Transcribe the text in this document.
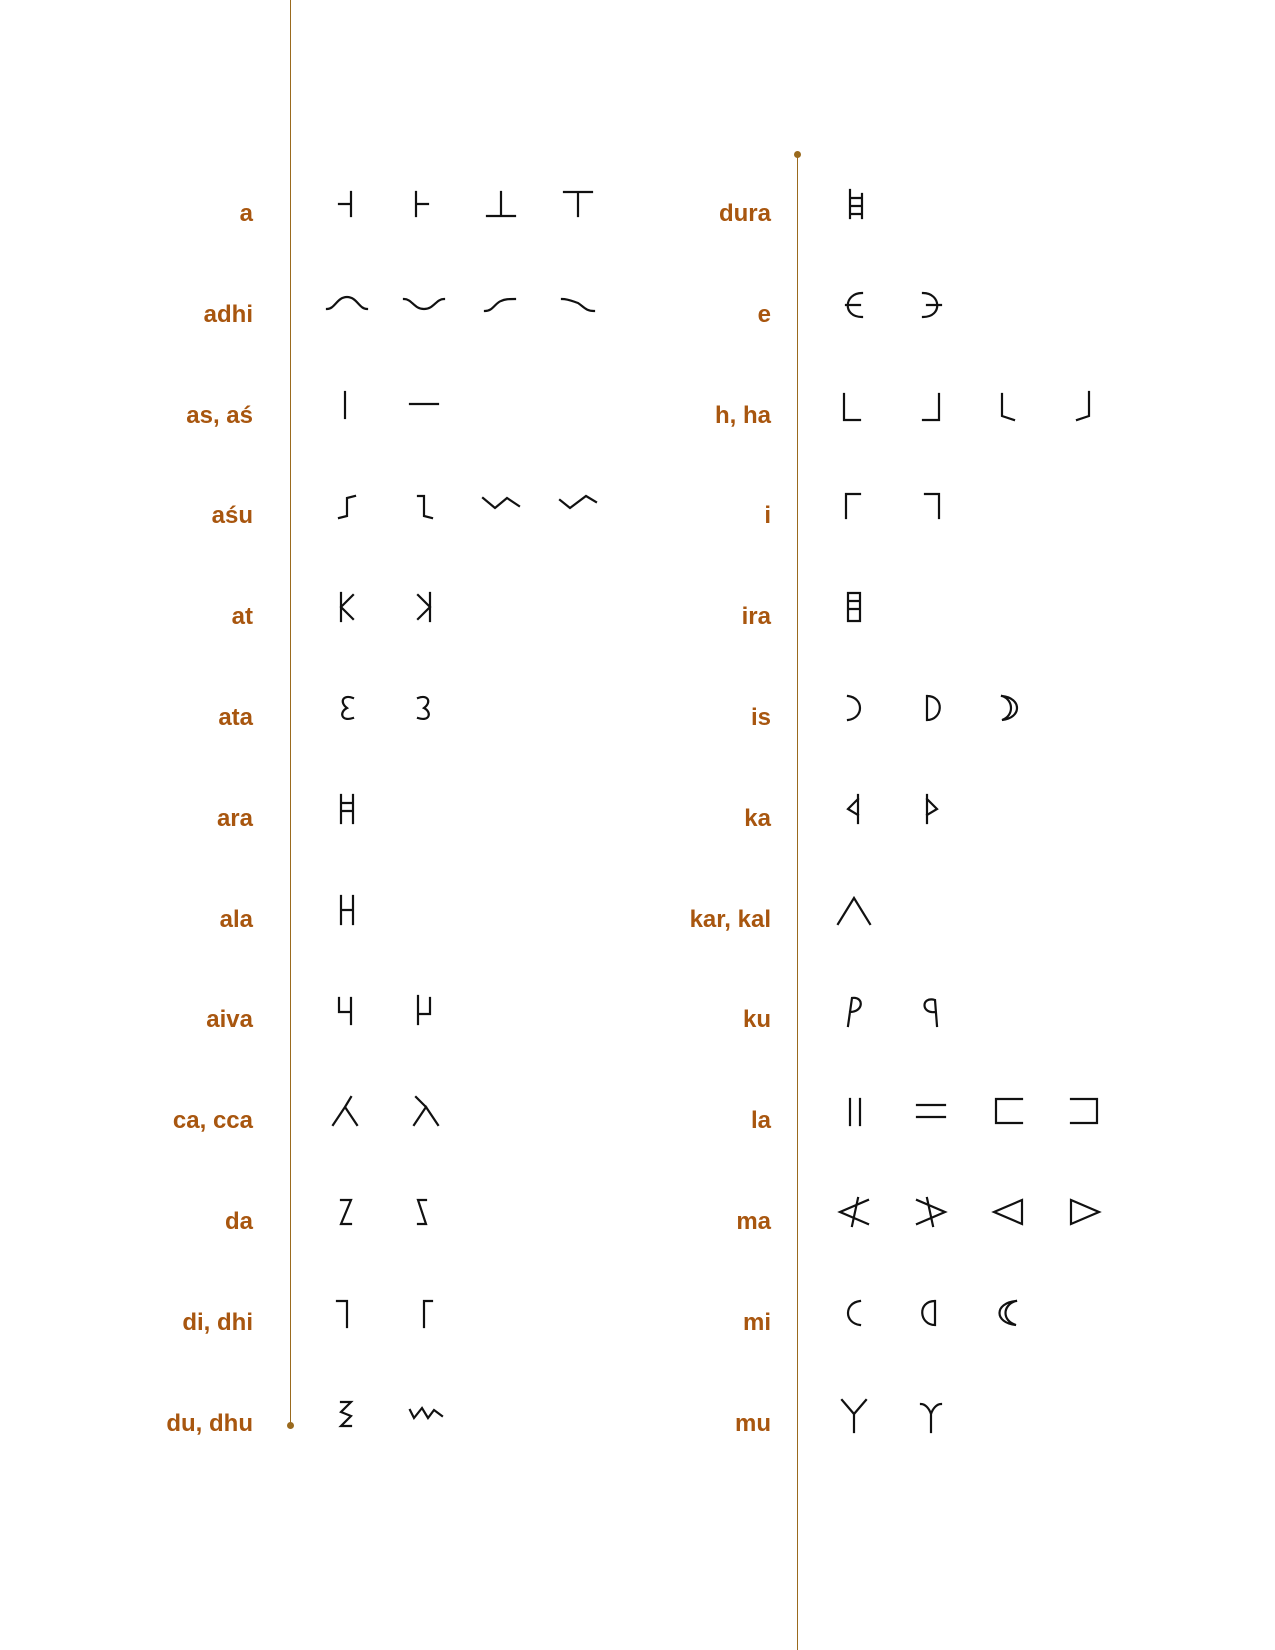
a
adhi
as, aś
aśu
at
ata
ara
ala
aiva
ca, cca
da
di, dhi
du, dhu
dura
e
h, ha
i
ira
is
ka
kar, kal
ku
la
ma
mi
mu
